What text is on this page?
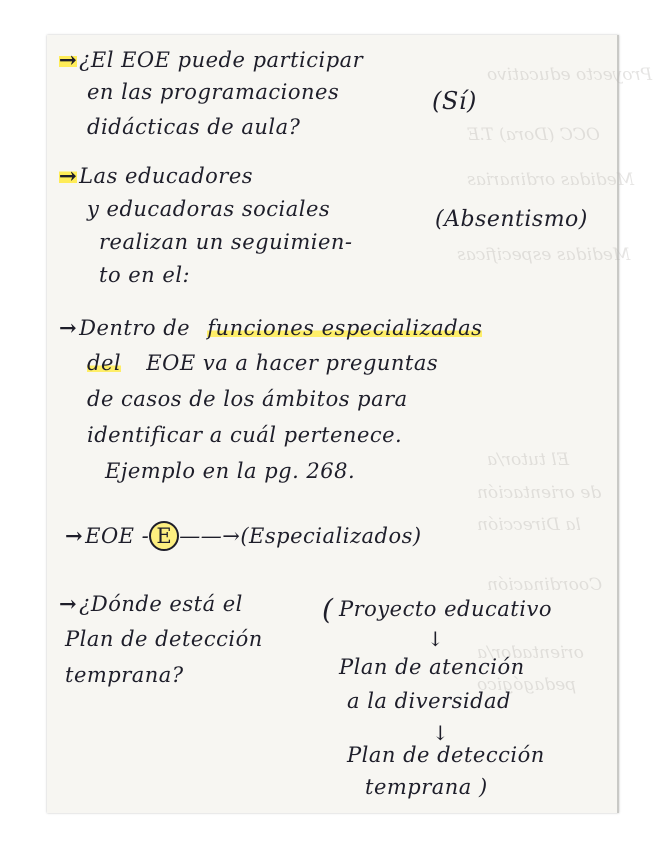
Proyecto educativo
OCC (Dora) T.E
Medidas ordinarias
Medidas especificas
El tutor/a
de orientación
la Dirección
Coordinación
orientador/a
pedagógico
→¿El EOE puede participar
en las programaciones
didácticas de aula?
(Sí)
→Las educadores
y educadoras sociales
realizan un seguimien-
to en el:
(Absentismo)
→Dentro de funciones especializadas
del EOE va a hacer preguntas
de casos de los ámbitos para
identificar a cuál pertenece.
Ejemplo en la pg. 268.
→EOE - E ——→(Especializados)
→¿Dónde está el
Plan de detección
temprana?
( Proyecto educativo
↓
Plan de atención
a la diversidad
↓
Plan de detección
temprana )
